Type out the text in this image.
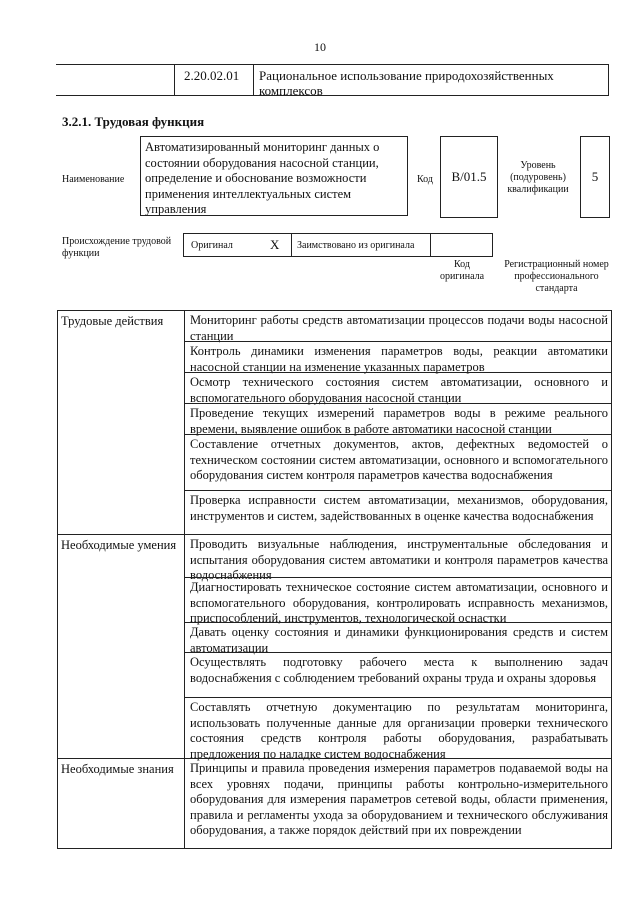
10
2.20.02.01 Рациональное использование природохозяйственных комплексов
3.2.1. Трудовая функция
Наименование
Автоматизированный мониторинг данных о состоянии оборудования насосной станции, определение и обоснование возможности применения интеллектуальных систем управления
Код	В/01.5
Уровень (подуровень) квалификации
5
Происхождение трудовой функции
Оригинал	X Заимствовано из оригинала
Код оригинала
Регистрационный номер профессионального стандарта
Трудовые действия	Мониторинг работы средств автоматизации процессов подачи воды насосной станции
Контроль динамики изменения параметров воды, реакции автоматики насосной станции на изменение указанных параметров
Осмотр технического состояния систем автоматизации, основного и вспомогательного оборудования насосной станции
Проведение текущих измерений параметров воды в режиме реального времени, выявление ошибок в работе автоматики насосной станции
Составление отчетных документов, актов, дефектных ведомостей о техническом состоянии систем автоматизации, основного и вспомогательного оборудования систем контроля параметров качества водоснабжения
Проверка исправности систем автоматизации, механизмов, оборудования, инструментов и систем, задействованных в оценке качества водоснабжения
Необходимые умения	Проводить визуальные наблюдения, инструментальные обследования и испытания оборудования систем автоматики и контроля параметров качества водоснабжения
Диагностировать техническое состояние систем автоматизации, основного и вспомогательного оборудования, контролировать исправность механизмов, приспособлений, инструментов, технологической оснастки
Давать оценку состояния и динамики функционирования средств и систем автоматизации
Осуществлять подготовку рабочего места к выполнению задач водоснабжения с соблюдением требований охраны труда и охраны здоровья
Составлять отчетную документацию по результатам мониторинга, использовать полученные данные для организации проверки технического состояния средств контроля работы оборудования, разрабатывать предложения по наладке систем водоснабжения
Необходимые знания	Принципы и правила проведения измерения параметров подаваемой воды на всех уровнях подачи, принципы работы контрольно-измерительного оборудования для измерения параметров сетевой воды, области применения, правила и регламенты ухода за оборудованием и технического обслуживания оборудования, а также порядок действий при их повреждении
